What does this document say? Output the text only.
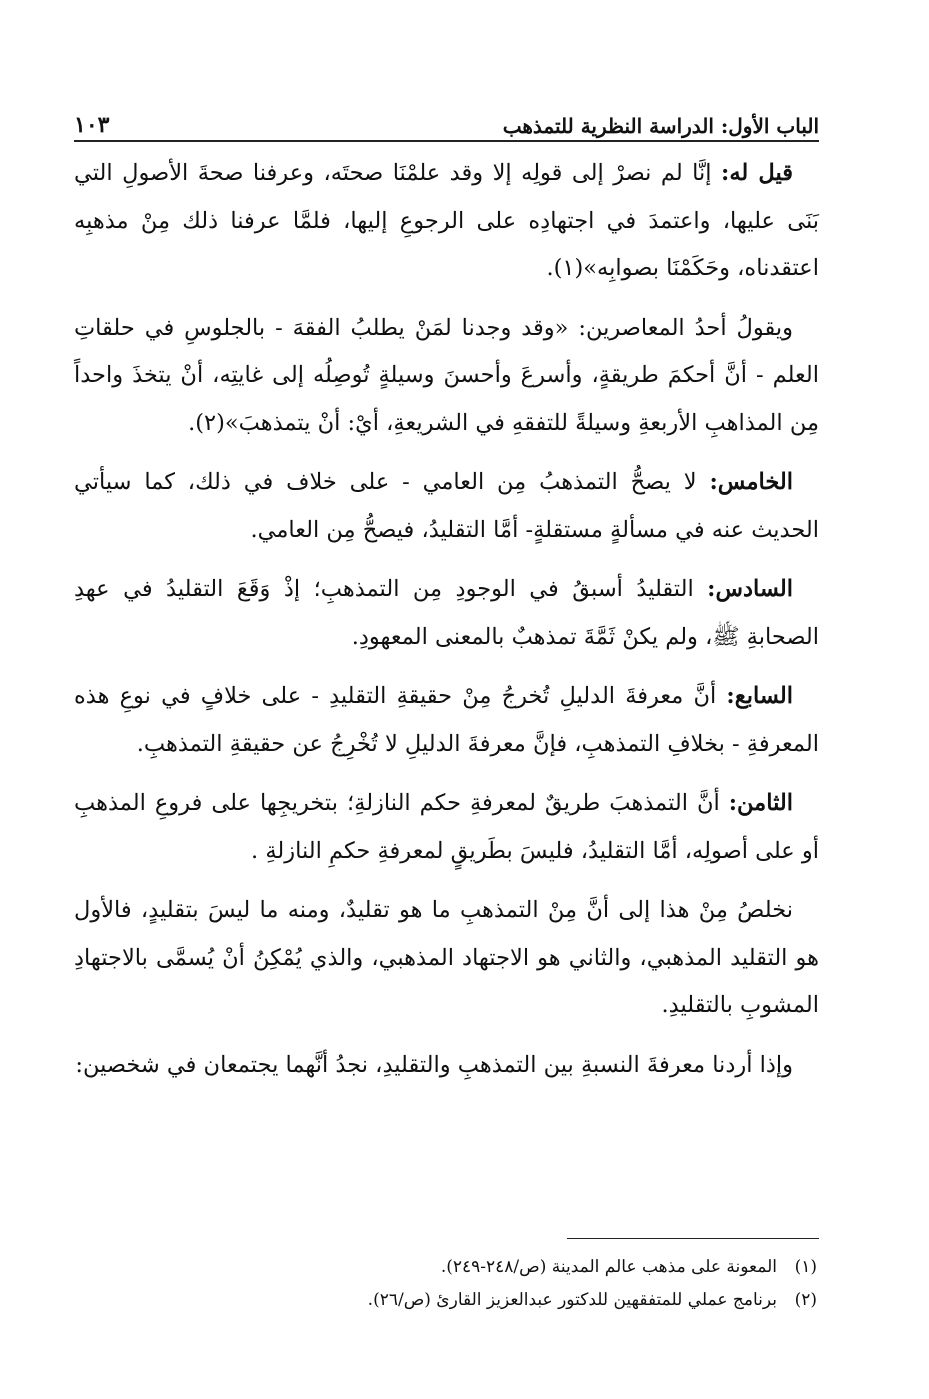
الباب الأول: الدراسة النظرية للتمذهب
١٠٣

قيل له: إنَّا لم نصرْ إلى قولِه إلا وقد علمْنَا صحتَه، وعرفنا صحةَ الأصولِ التي بَنَى عليها، واعتمدَ في اجتهادِه على الرجوعِ إليها، فلمَّا عرفنا ذلك مِنْ مذهبِه اعتقدناه، وحَكَمْنَا بصوابِه»(١).

ويقولُ أحدُ المعاصرين: «وقد وجدنا لمَنْ يطلبُ الفقهَ - بالجلوسِ في حلقاتِ العلم - أنَّ أحكمَ طريقةٍ، وأسرعَ وأحسنَ وسيلةٍ تُوصِلُه إلى غايتِه، أنْ يتخذَ واحداً مِن المذاهبِ الأربعةِ وسيلةً للتفقهِ في الشريعةِ، أيْ: أنْ يتمذهبَ»(٢).

الخامس: لا يصحُّ التمذهبُ مِن العامي - على خلاف في ذلك، كما سيأتي الحديث عنه في مسألةٍ مستقلةٍ- أمَّا التقليدُ، فيصحُّ مِن العامي.

السادس: التقليدُ أسبقُ في الوجودِ مِن التمذهبِ؛ إذْ وَقَعَ التقليدُ في عهدِ الصحابةِ ﷺ، ولم يكنْ ثَمَّةَ تمذهبٌ بالمعنى المعهودِ.

السابع: أنَّ معرفةَ الدليلِ تُخرجُ مِنْ حقيقةِ التقليدِ - على خلافٍ في نوعِ هذه المعرفةِ - بخلافِ التمذهبِ، فإنَّ معرفةَ الدليلِ لا تُخْرِجُ عن حقيقةِ التمذهبِ.

الثامن: أنَّ التمذهبَ طريقٌ لمعرفةِ حكم النازلةِ؛ بتخريجِها على فروعِ المذهبِ أو على أصولِه، أمَّا التقليدُ، فليسَ بطَريقٍ لمعرفةِ حكمِ النازلةِ .

نخلصُ مِنْ هذا إلى أنَّ مِنْ التمذهبِ ما هو تقليدٌ، ومنه ما ليسَ بتقليدٍ، فالأول هو التقليد المذهبي، والثاني هو الاجتهاد المذهبي، والذي يُمْكِنُ أنْ يُسمَّى بالاجتهادِ المشوبِ بالتقليدِ.

وإذا أردنا معرفةَ النسبةِ بين التمذهبِ والتقليدِ، نجدُ أنَّهما يجتمعان في شخصين:

(١)
المعونة على مذهب عالم المدينة (ص/٢٤٨-٢٤٩).
(٢)
برنامج عملي للمتفقهين للدكتور عبدالعزيز القارئ (ص/٢٦).
